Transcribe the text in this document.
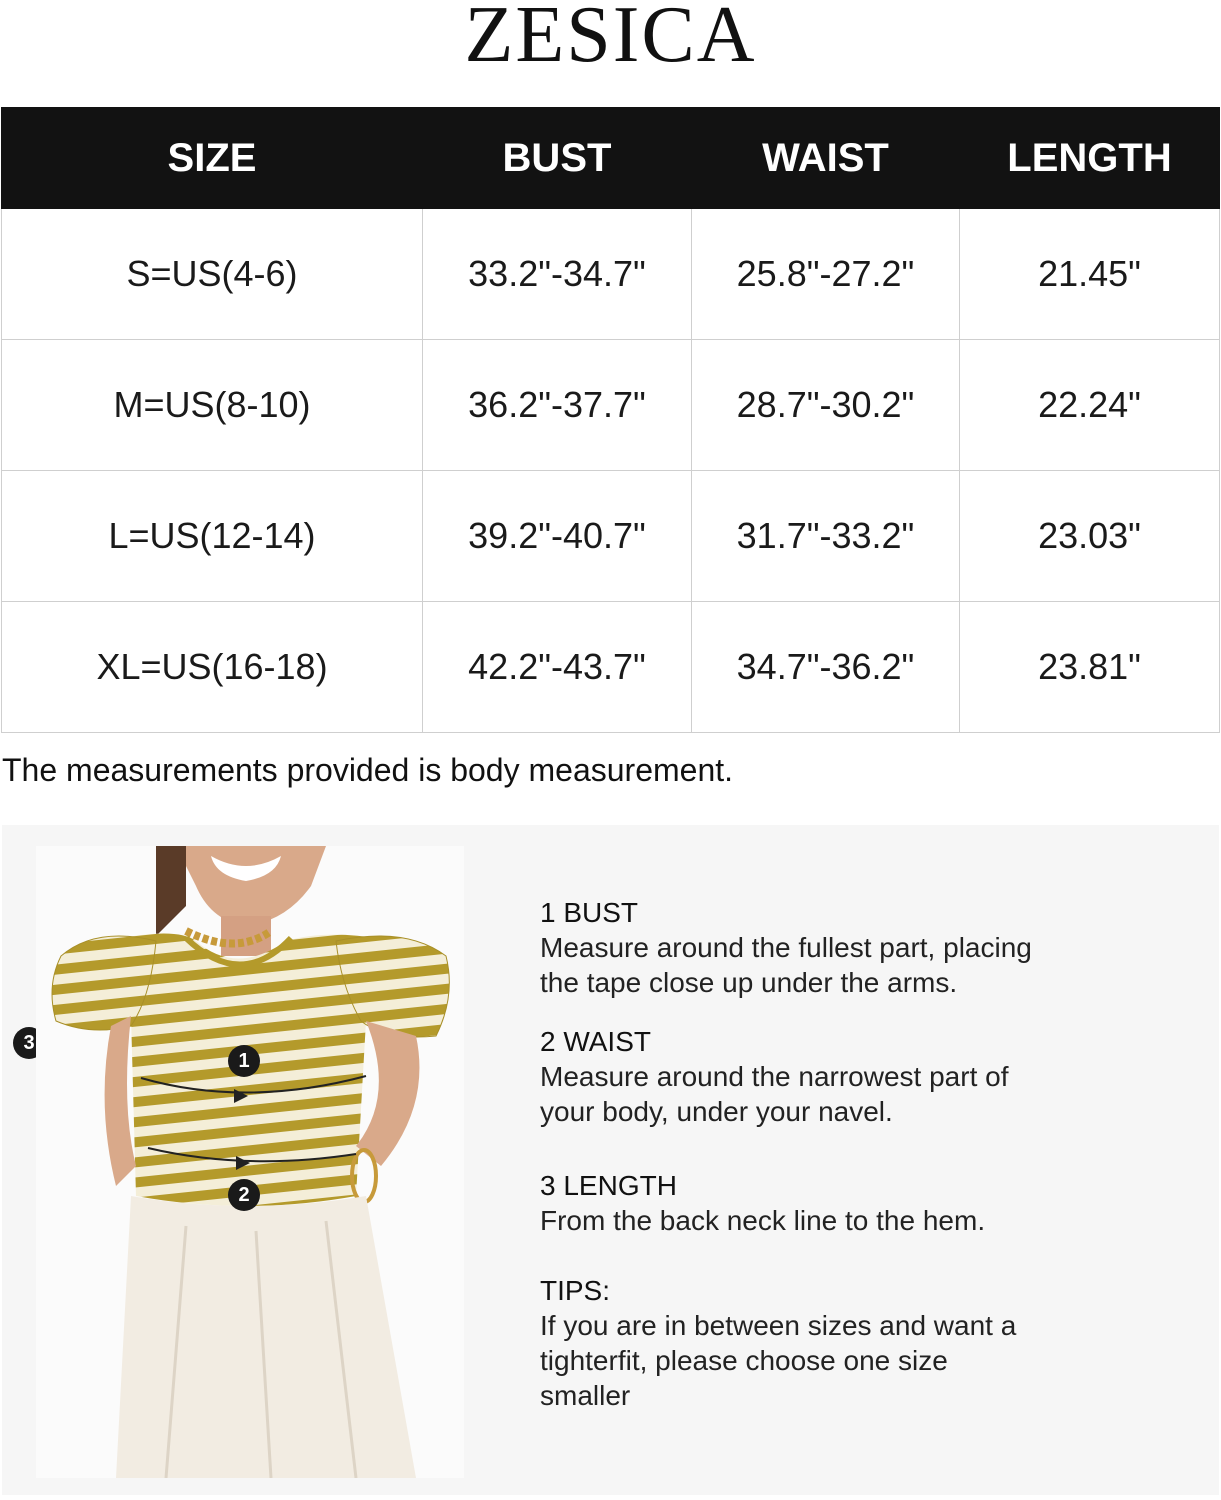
ZESICA
SIZE	BUST	WAIST	LENGTH
S=US(4-6)	33.2"-34.7"	25.8"-27.2"	21.45"
M=US(8-10)	36.2"-37.7"	28.7"-30.2"	22.24"
L=US(12-14)	39.2"-40.7"	31.7"-33.2"	23.03"
XL=US(16-18)	42.2"-43.7"	34.7"-36.2"	23.81"
The measurements provided is body measurement.
3
1
2
1 BUST
Measure around the fullest part, placing
the tape close up under the arms.
2 WAIST
Measure around the narrowest part of
your body, under your navel.
3 LENGTH
From the back neck line to the hem.
TIPS:
If you are in between sizes and want a
tighterfit, please choose one size
smaller
